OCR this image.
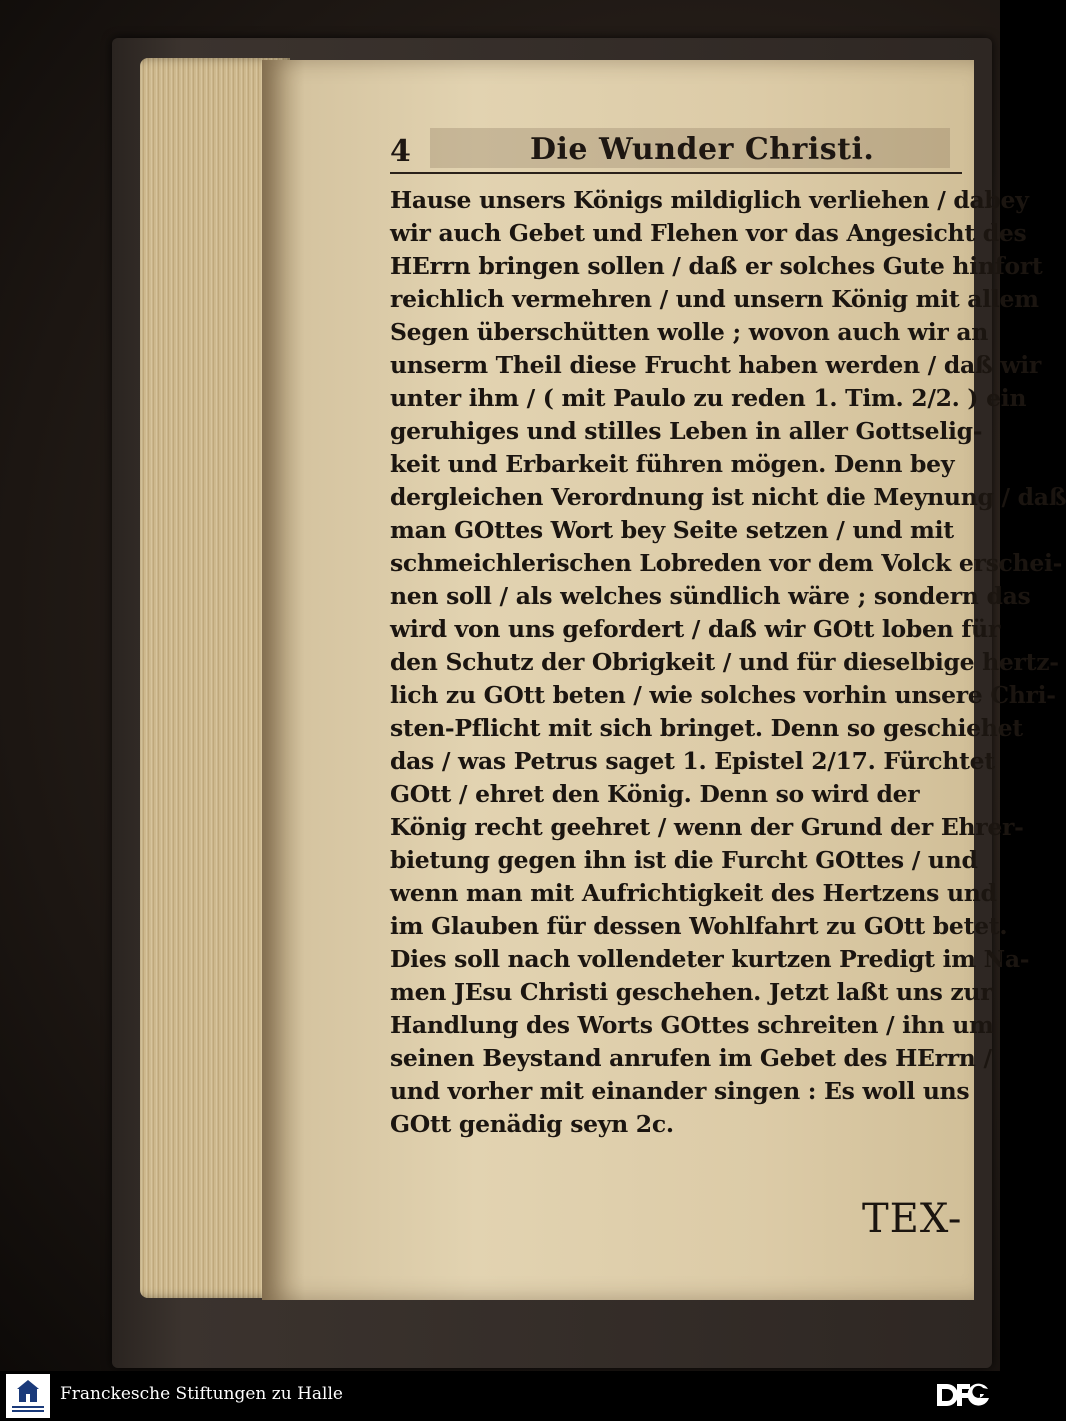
4	Die Wunder Christi.
Hause unsers Königs mildiglich verliehen / dabey
wir auch Gebet und Flehen vor das Angesicht des
HErrn bringen sollen / daß er solches Gute hinfort
reichlich vermehren / und unsern König mit allem
Segen überschütten wolle ; wovon auch wir an
unserm Theil diese Frucht haben werden / daß wir
unter ihm / ( mit Paulo zu reden 1. Tim. 2/2. ) ein
geruhiges und stilles Leben in aller Gottselig-
keit und Erbarkeit führen mögen. Denn bey
dergleichen Verordnung ist nicht die Meynung / daß
man GOttes Wort bey Seite setzen / und mit
schmeichlerischen Lobreden vor dem Volck erschei-
nen soll / als welches sündlich wäre ; sondern das
wird von uns gefordert / daß wir GOtt loben für
den Schutz der Obrigkeit / und für dieselbige hertz-
lich zu GOtt beten / wie solches vorhin unsere Chri-
sten-Pflicht mit sich bringet. Denn so geschiehet
das / was Petrus saget 1. Epistel 2/17. Fürchtet
GOtt / ehret den König. Denn so wird der
König recht geehret / wenn der Grund der Ehrer-
bietung gegen ihn ist die Furcht GOttes / und
wenn man mit Aufrichtigkeit des Hertzens und
im Glauben für dessen Wohlfahrt zu GOtt betet.
Dies soll nach vollendeter kurtzen Predigt im Na-
men JEsu Christi geschehen. Jetzt laßt uns zur
Handlung des Worts GOttes schreiten / ihn um
seinen Beystand anrufen im Gebet des HErrn /
und vorher mit einander singen : Es woll uns
GOtt genädig seyn 2c.
TEX-
Franckesche Stiftungen zu Halle
